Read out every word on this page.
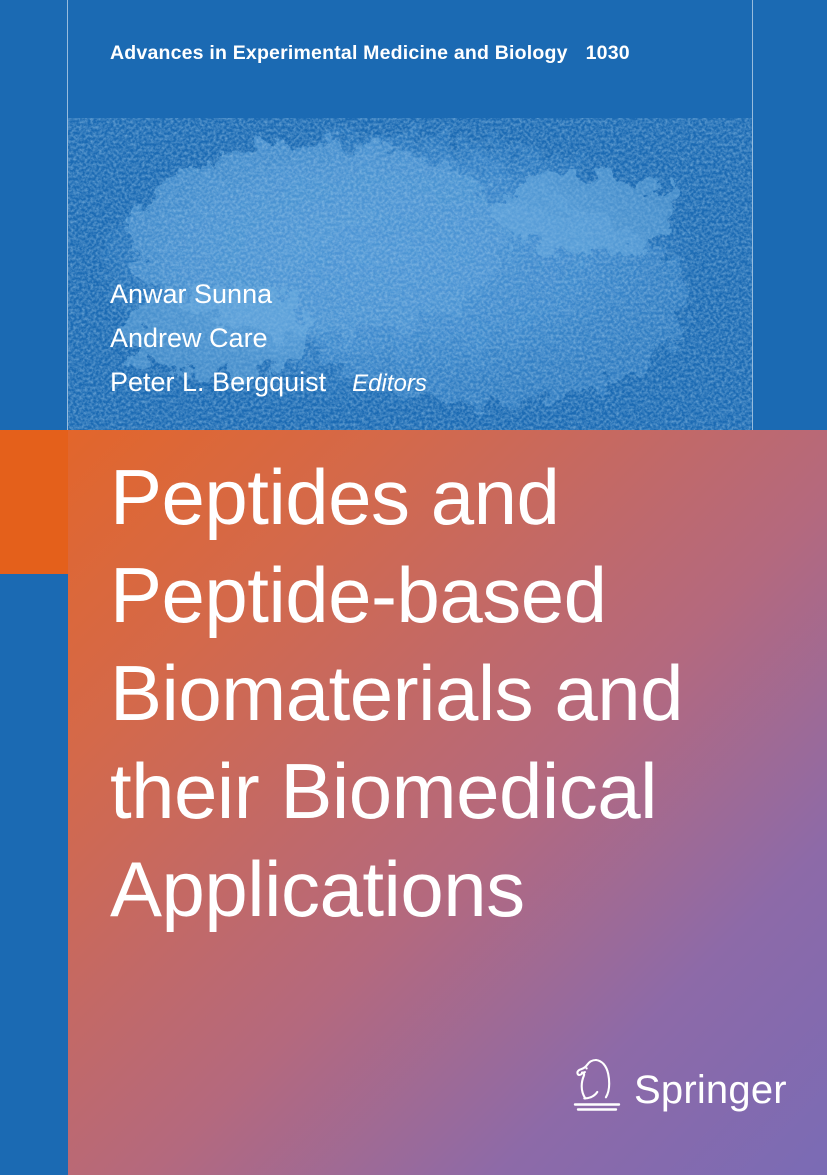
Advances in Experimental Medicine and Biology 1030
Anwar Sunna
Andrew Care
Peter L. Bergquist Editors
Peptides and
Peptide-based
Biomaterials and
their Biomedical
Applications
Springer
